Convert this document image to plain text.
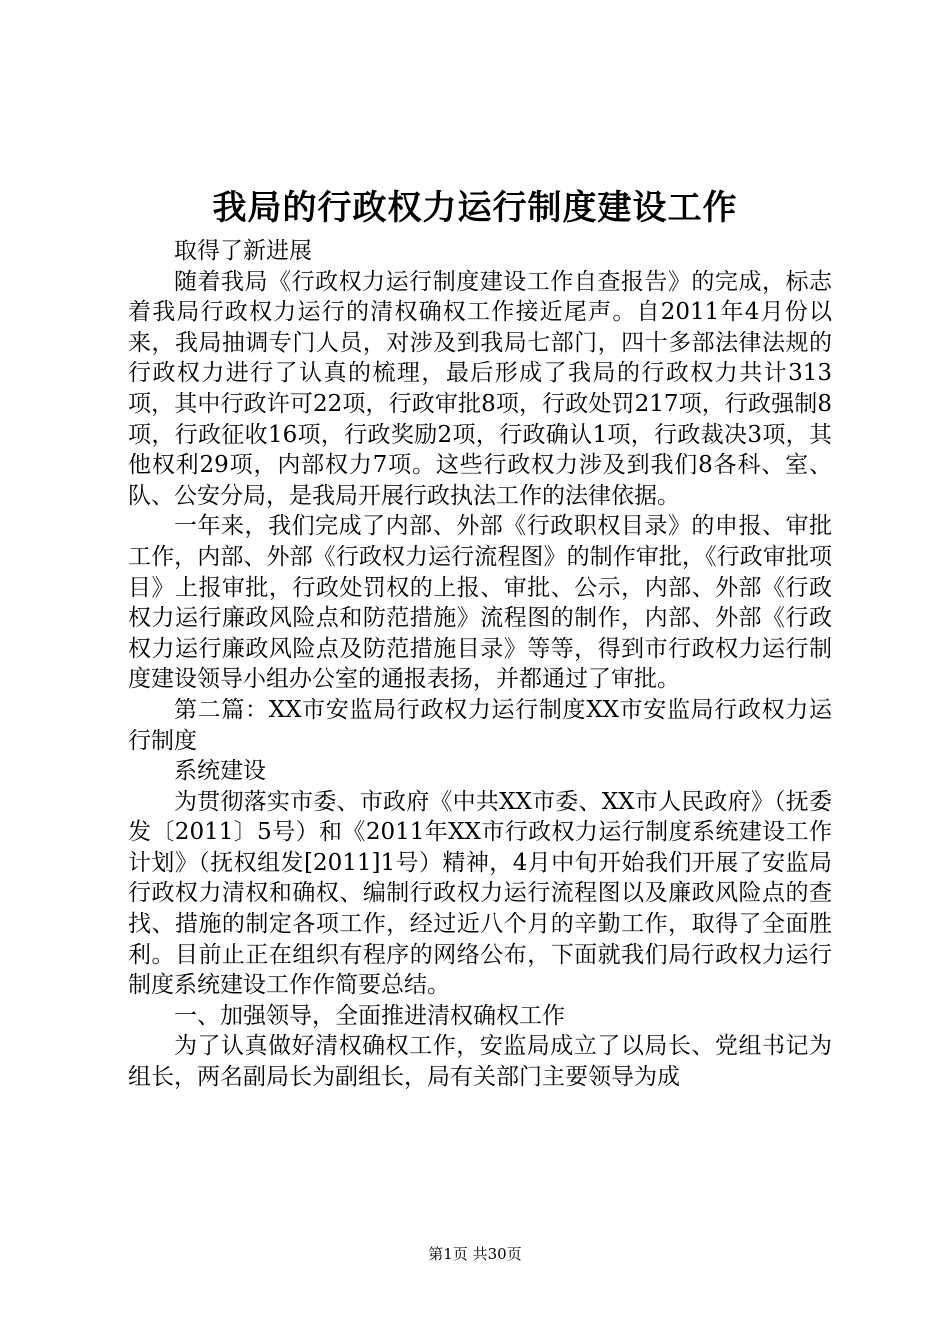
我局的行政权力运行制度建设工作

取得了新进展

随着我局《行政权力运行制度建设工作自查报告》的完成，标志着我局行政权力运行的清权确权工作接近尾声。自2011年4月份以来，我局抽调专门人员，对涉及到我局七部门，四十多部法律法规的行政权力进行了认真的梳理，最后形成了我局的行政权力共计313项，其中行政许可22项，行政审批8项，行政处罚217项，行政强制8项，行政征收16项，行政奖励2项，行政确认1项，行政裁决3项，其他权利29项，内部权力7项。这些行政权力涉及到我们8各科、室、队、公安分局，是我局开展行政执法工作的法律依据。

一年来，我们完成了内部、外部《行政职权目录》的申报、审批工作，内部、外部《行政权力运行流程图》的制作审批，《行政审批项目》上报审批，行政处罚权的上报、审批、公示，内部、外部《行政权力运行廉政风险点和防范措施》流程图的制作，内部、外部《行政权力运行廉政风险点及防范措施目录》等等，得到市行政权力运行制度建设领导小组办公室的通报表扬，并都通过了审批。

第二篇：XX市安监局行政权力运行制度XX市安监局行政权力运行制度

系统建设

为贯彻落实市委、市政府《中共XX市委、XX市人民政府》（抚委发〔2011〕5号）和《2011年XX市行政权力运行制度系统建设工作计划》（抚权组发[2011]1号）精神，4月中旬开始我们开展了安监局行政权力清权和确权、编制行政权力运行流程图以及廉政风险点的查找、措施的制定各项工作，经过近八个月的辛勤工作，取得了全面胜利。目前止正在组织有程序的网络公布，下面就我们局行政权力运行制度系统建设工作作简要总结。

一、加强领导，全面推进清权确权工作

为了认真做好清权确权工作，安监局成立了以局长、党组书记为组长，两名副局长为副组长，局有关部门主要领导为成

第1页 共30页
